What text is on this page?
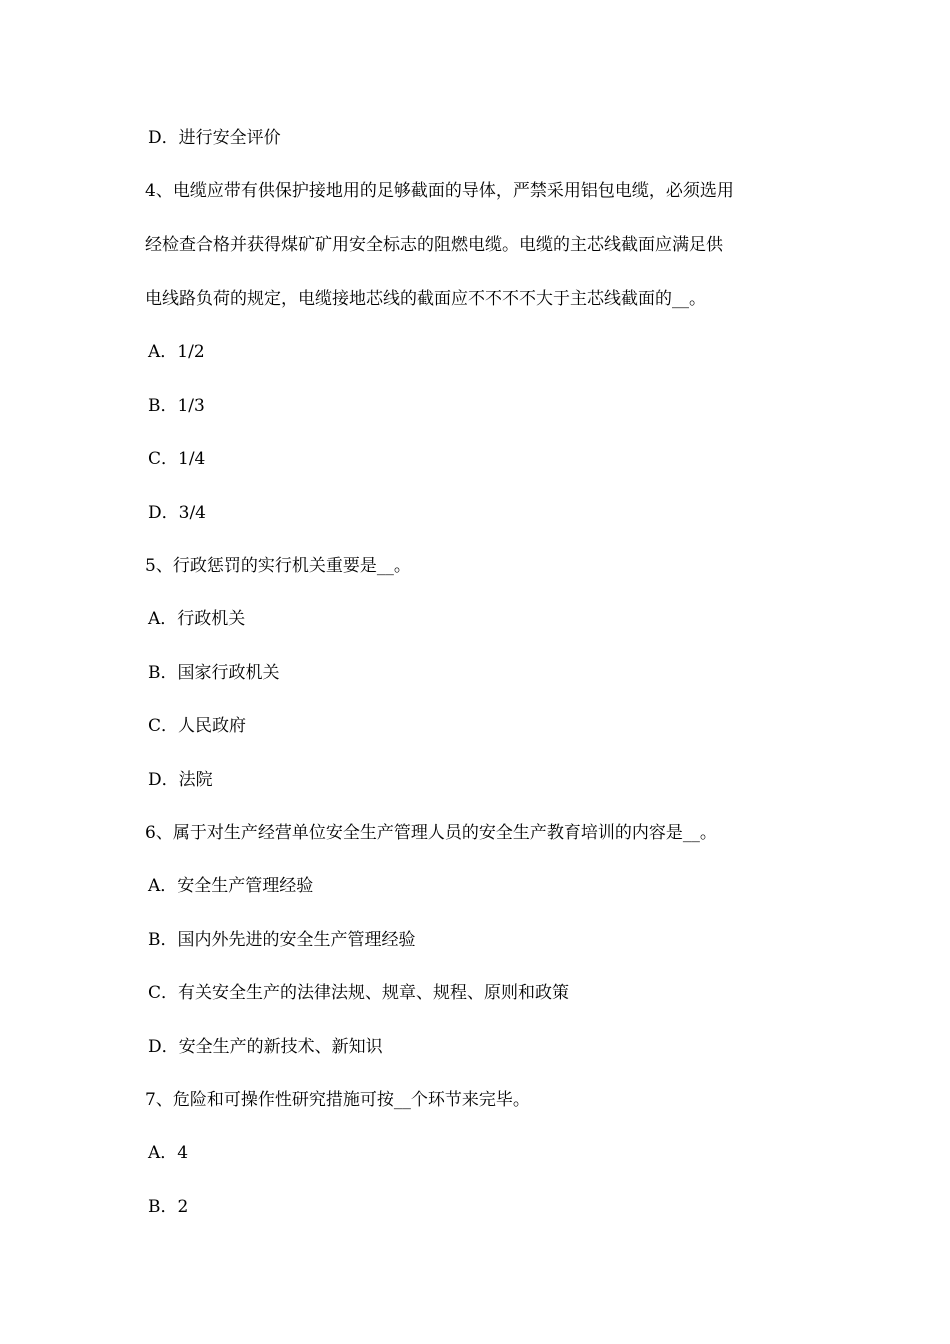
D．进行安全评价
4、电缆应带有供保护接地用的足够截面的导体，严禁采用铝包电缆，必须选用
经检查合格并获得煤矿矿用安全标志的阻燃电缆。电缆的主芯线截面应满足供
电线路负荷的规定，电缆接地芯线的截面应不不不不大于主芯线截面的__。
A．1/2
B．1/3
C．1/4
D．3/4
5、行政惩罚的实行机关重要是__。
A．行政机关
B．国家行政机关
C．人民政府
D．法院
6、属于对生产经营单位安全生产管理人员的安全生产教育培训的内容是__。
A．安全生产管理经验
B．国内外先进的安全生产管理经验
C．有关安全生产的法律法规、规章、规程、原则和政策
D．安全生产的新技术、新知识
7、危险和可操作性研究措施可按__个环节来完毕。
A．4
B．2
